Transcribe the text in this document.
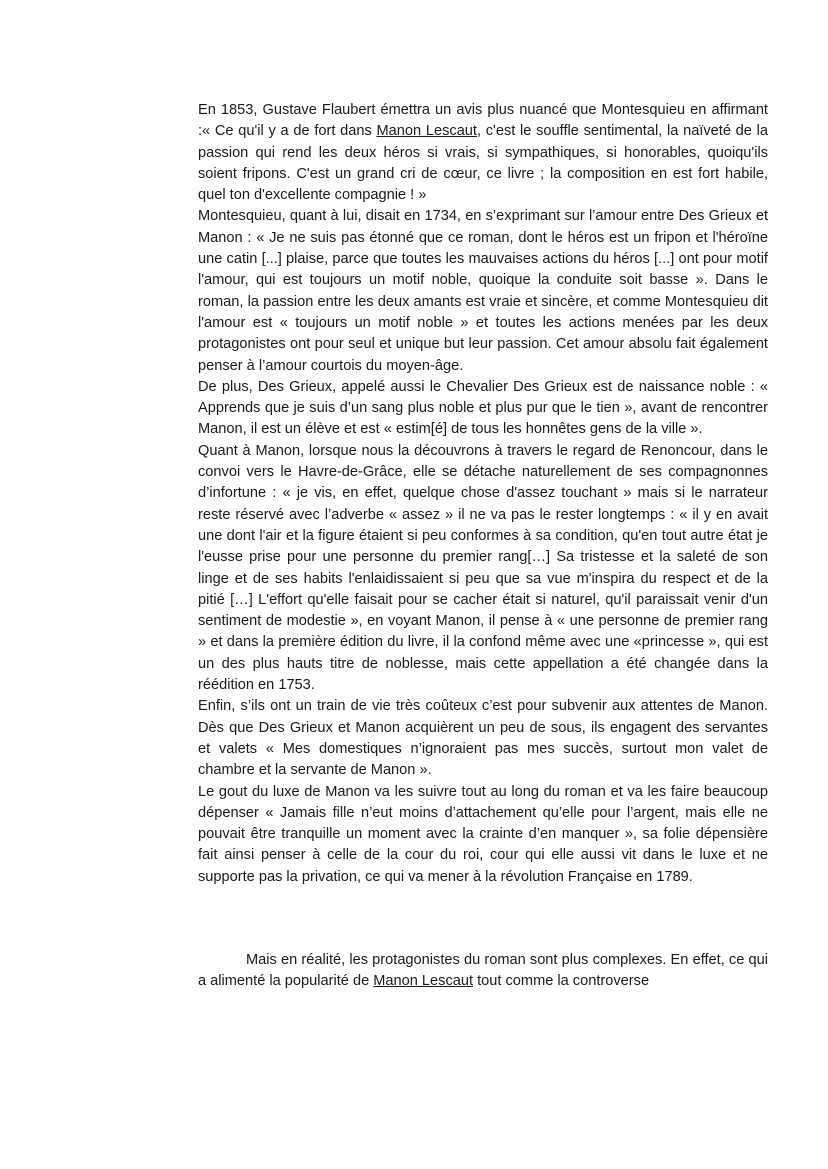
En 1853, Gustave Flaubert émettra un avis plus nuancé que Montesquieu en affirmant :« Ce qu'il y a de fort dans Manon Lescaut, c'est le souffle sentimental, la naïveté de la passion qui rend les deux héros si vrais, si sympathiques, si honorables, quoiqu'ils soient fripons. C'est un grand cri de cœur, ce livre ; la composition en est fort habile, quel ton d'excellente compagnie ! »

Montesquieu, quant à lui, disait en 1734, en s’exprimant sur l’amour entre Des Grieux et Manon : « Je ne suis pas étonné que ce roman, dont le héros est un fripon et l'héroïne une catin [...] plaise, parce que toutes les mauvaises actions du héros [...] ont pour motif l'amour, qui est toujours un motif noble, quoique la conduite soit basse ». Dans le roman, la passion entre les deux amants est vraie et sincère, et comme Montesquieu dit l'amour est « toujours un motif noble » et toutes les actions menées par les deux protagonistes ont pour seul et unique but leur passion. Cet amour absolu fait également penser à l’amour courtois du moyen-âge.

De plus, Des Grieux, appelé aussi le Chevalier Des Grieux est de naissance noble : « Apprends que je suis d’un sang plus noble et plus pur que le tien », avant de rencontrer Manon, il est un élève et est « estim[é] de tous les honnêtes gens de la ville ».

Quant à Manon, lorsque nous la découvrons à travers le regard de Renoncour, dans le convoi vers le Havre-de-Grâce, elle se détache naturellement de ses compagnonnes d’infortune : « je vis, en effet, quelque chose d'assez touchant » mais si le narrateur reste réservé avec l’adverbe « assez » il ne va pas le rester longtemps : « il y en avait une dont l'air et la figure étaient si peu conformes à sa condition, qu'en tout autre état je l'eusse prise pour une personne du premier rang[…] Sa tristesse et la saleté de son linge et de ses habits l'enlaidissaient si peu que sa vue m'inspira du respect et de la pitié […] L'effort qu'elle faisait pour se cacher était si naturel, qu'il paraissait venir d'un sentiment de modestie », en voyant Manon, il pense à « une personne de premier rang » et dans la première édition du livre, il la confond même avec une «princesse », qui est un des plus hauts titre de noblesse, mais cette appellation a été changée dans la réédition en 1753.

Enfin, s’ils ont un train de vie très coûteux c’est pour subvenir aux attentes de Manon. Dès que Des Grieux et Manon acquièrent un peu de sous, ils engagent des servantes et valets « Mes domestiques n’ignoraient pas mes succès, surtout mon valet de chambre et la servante de Manon ».

Le gout du luxe de Manon va les suivre tout au long du roman et va les faire beaucoup dépenser « Jamais fille n’eut moins d’attachement qu’elle pour l’argent, mais elle ne pouvait être tranquille un moment avec la crainte d’en manquer », sa folie dépensière fait ainsi penser à celle de la cour du roi, cour qui elle aussi vit dans le luxe et ne supporte pas la privation, ce qui va mener à la révolution Française en 1789.

Mais en réalité, les protagonistes du roman sont plus complexes. En effet, ce qui a alimenté la popularité de Manon Lescaut tout comme la controverse
